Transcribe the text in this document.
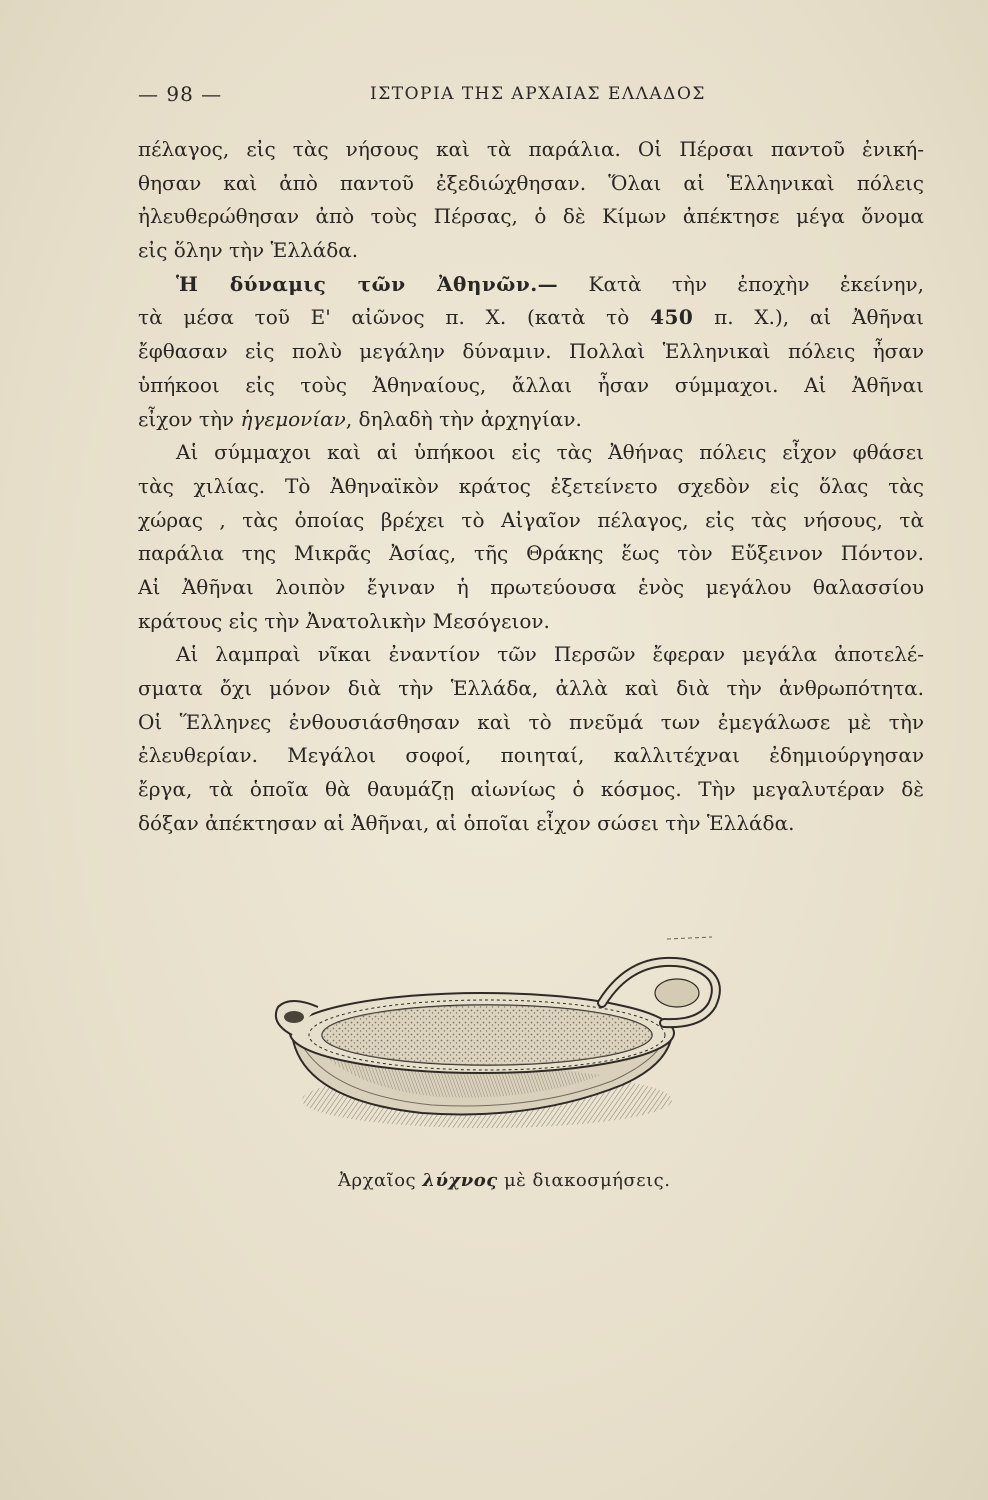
— 98 —	ΙΣΤΟΡΙΑ ΤΗΣ ΑΡΧΑΙΑΣ ΕΛΛΑΔΟΣ
πέλαγος, εἰς τὰς νήσους καὶ τὰ παράλια. Οἱ Πέρσαι παντοῦ ἐνική-
θησαν καὶ ἀπὸ παντοῦ ἐξεδιώχθησαν. Ὅλαι αἱ Ἑλληνικαὶ πόλεις
ἠλευθερώθησαν ἀπὸ τοὺς Πέρσας, ὁ δὲ Κίμων ἀπέκτησε μέγα ὄνομα
εἰς ὅλην τὴν Ἑλλάδα.
Ἡ δύναμις τῶν Ἀθηνῶν.— Κατὰ τὴν ἐποχὴν ἐκείνην,
τὰ μέσα τοῦ Ε' αἰῶνος π. Χ. (κατὰ τὸ 450 π. Χ.), αἱ Ἀθῆναι
ἔφθασαν εἰς πολὺ μεγάλην δύναμιν. Πολλαὶ Ἑλληνικαὶ πόλεις ἦσαν
ὑπήκοοι εἰς τοὺς Ἀθηναίους, ἄλλαι ἦσαν σύμμαχοι. Αἱ Ἀθῆναι
εἶχον τὴν ἡγεμονίαν, δηλαδὴ τὴν ἀρχηγίαν.
Αἱ σύμμαχοι καὶ αἱ ὑπήκοοι εἰς τὰς Ἀθήνας πόλεις εἶχον φθάσει
τὰς χιλίας. Τὸ Ἀθηναϊκὸν κράτος ἐξετείνετο σχεδὸν εἰς ὅλας τὰς
χώρας , τὰς ὁποίας βρέχει τὸ Αἰγαῖον πέλαγος, εἰς τὰς νήσους, τὰ
παράλια της Μικρᾶς Ἀσίας, τῆς Θράκης ἕως τὸν Εὔξεινον Πόντον.
Αἱ Ἀθῆναι λοιπὸν ἔγιναν ἡ πρωτεύουσα ἑνὸς μεγάλου θαλασσίου
κράτους εἰς τὴν Ἀνατολικὴν Μεσόγειον.
Αἱ λαμπραὶ νῖκαι ἐναντίον τῶν Περσῶν ἔφεραν μεγάλα ἀποτελέ-
σματα ὄχι μόνον διὰ τὴν Ἑλλάδα, ἀλλὰ καὶ διὰ τὴν ἀνθρωπότητα.
Οἱ Ἕλληνες ἐνθουσιάσθησαν καὶ τὸ πνεῦμά των ἐμεγάλωσε μὲ τὴν
ἐλευθερίαν. Μεγάλοι σοφοί, ποιηταί, καλλιτέχναι ἐδημιούργησαν
ἔργα, τὰ ὁποῖα θὰ θαυμάζῃ αἰωνίως ὁ κόσμος. Τὴν μεγαλυτέραν δὲ
δόξαν ἀπέκτησαν αἱ Ἀθῆναι, αἱ ὁποῖαι εἶχον σώσει τὴν Ἑλλάδα.
Ἀρχαῖος λύχνος μὲ διακοσμήσεις.
